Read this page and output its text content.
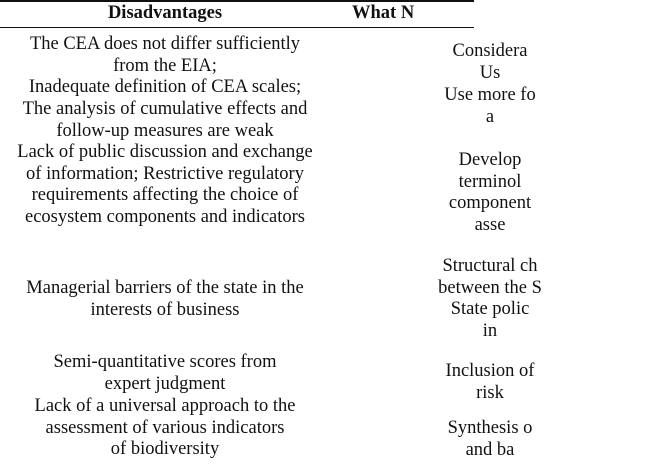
Disadvantages	What N
The CEA does not differ sufficiently
from the EIA;
Inadequate definition of CEA scales;
The analysis of cumulative effects and
follow-up measures are weak
Lack of public discussion and exchange
of information; Restrictive regulatory
requirements affecting the choice of
ecosystem components and indicators
Managerial barriers of the state in the
interests of business
Semi-quantitative scores from
expert judgment
Lack of a universal approach to the
assessment of various indicators
of biodiversity
Considera
Us
Use more fo
a
Develop
terminol
component
asse
Structural ch
between the S
State polic
in
Inclusion of
risk
Synthesis o
and ba
